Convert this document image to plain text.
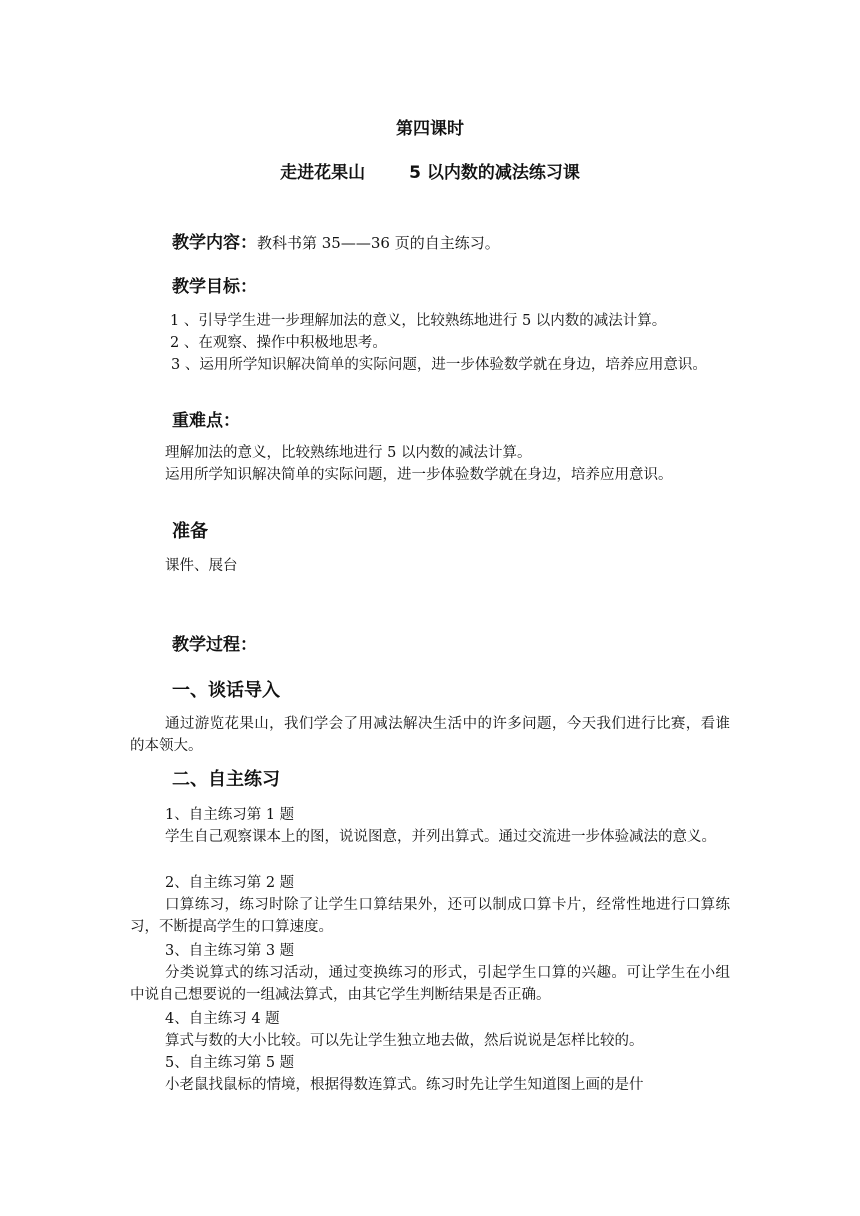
第四课时
走进花果山	5 以内数的减法练习课
教学内容：教科书第 35——36 页的自主练习。
教学目标：
1 、引导学生进一步理解加法的意义，比较熟练地进行 5 以内数的减法计算。
2 、在观察、操作中积极地思考。
3 、运用所学知识解决简单的实际问题，进一步体验数学就在身边，培养应用意识。
重难点：
理解加法的意义，比较熟练地进行 5 以内数的减法计算。
运用所学知识解决简单的实际问题，进一步体验数学就在身边，培养应用意识。
准备
课件、展台
教学过程：
一、谈话导入
通过游览花果山，我们学会了用减法解决生活中的许多问题，今天我们进行比赛，看谁的本领大。
二、自主练习
1、自主练习第 1 题
学生自己观察课本上的图，说说图意，并列出算式。通过交流进一步体验减法的意义。
2、自主练习第 2 题
口算练习，练习时除了让学生口算结果外，还可以制成口算卡片，经常性地进行口算练习，不断提高学生的口算速度。
3、自主练习第 3 题
分类说算式的练习活动，通过变换练习的形式，引起学生口算的兴趣。可让学生在小组中说自己想要说的一组减法算式，由其它学生判断结果是否正确。
4、自主练习 4 题
算式与数的大小比较。可以先让学生独立地去做，然后说说是怎样比较的。
5、自主练习第 5 题
小老鼠找鼠标的情境，根据得数连算式。练习时先让学生知道图上画的是什
